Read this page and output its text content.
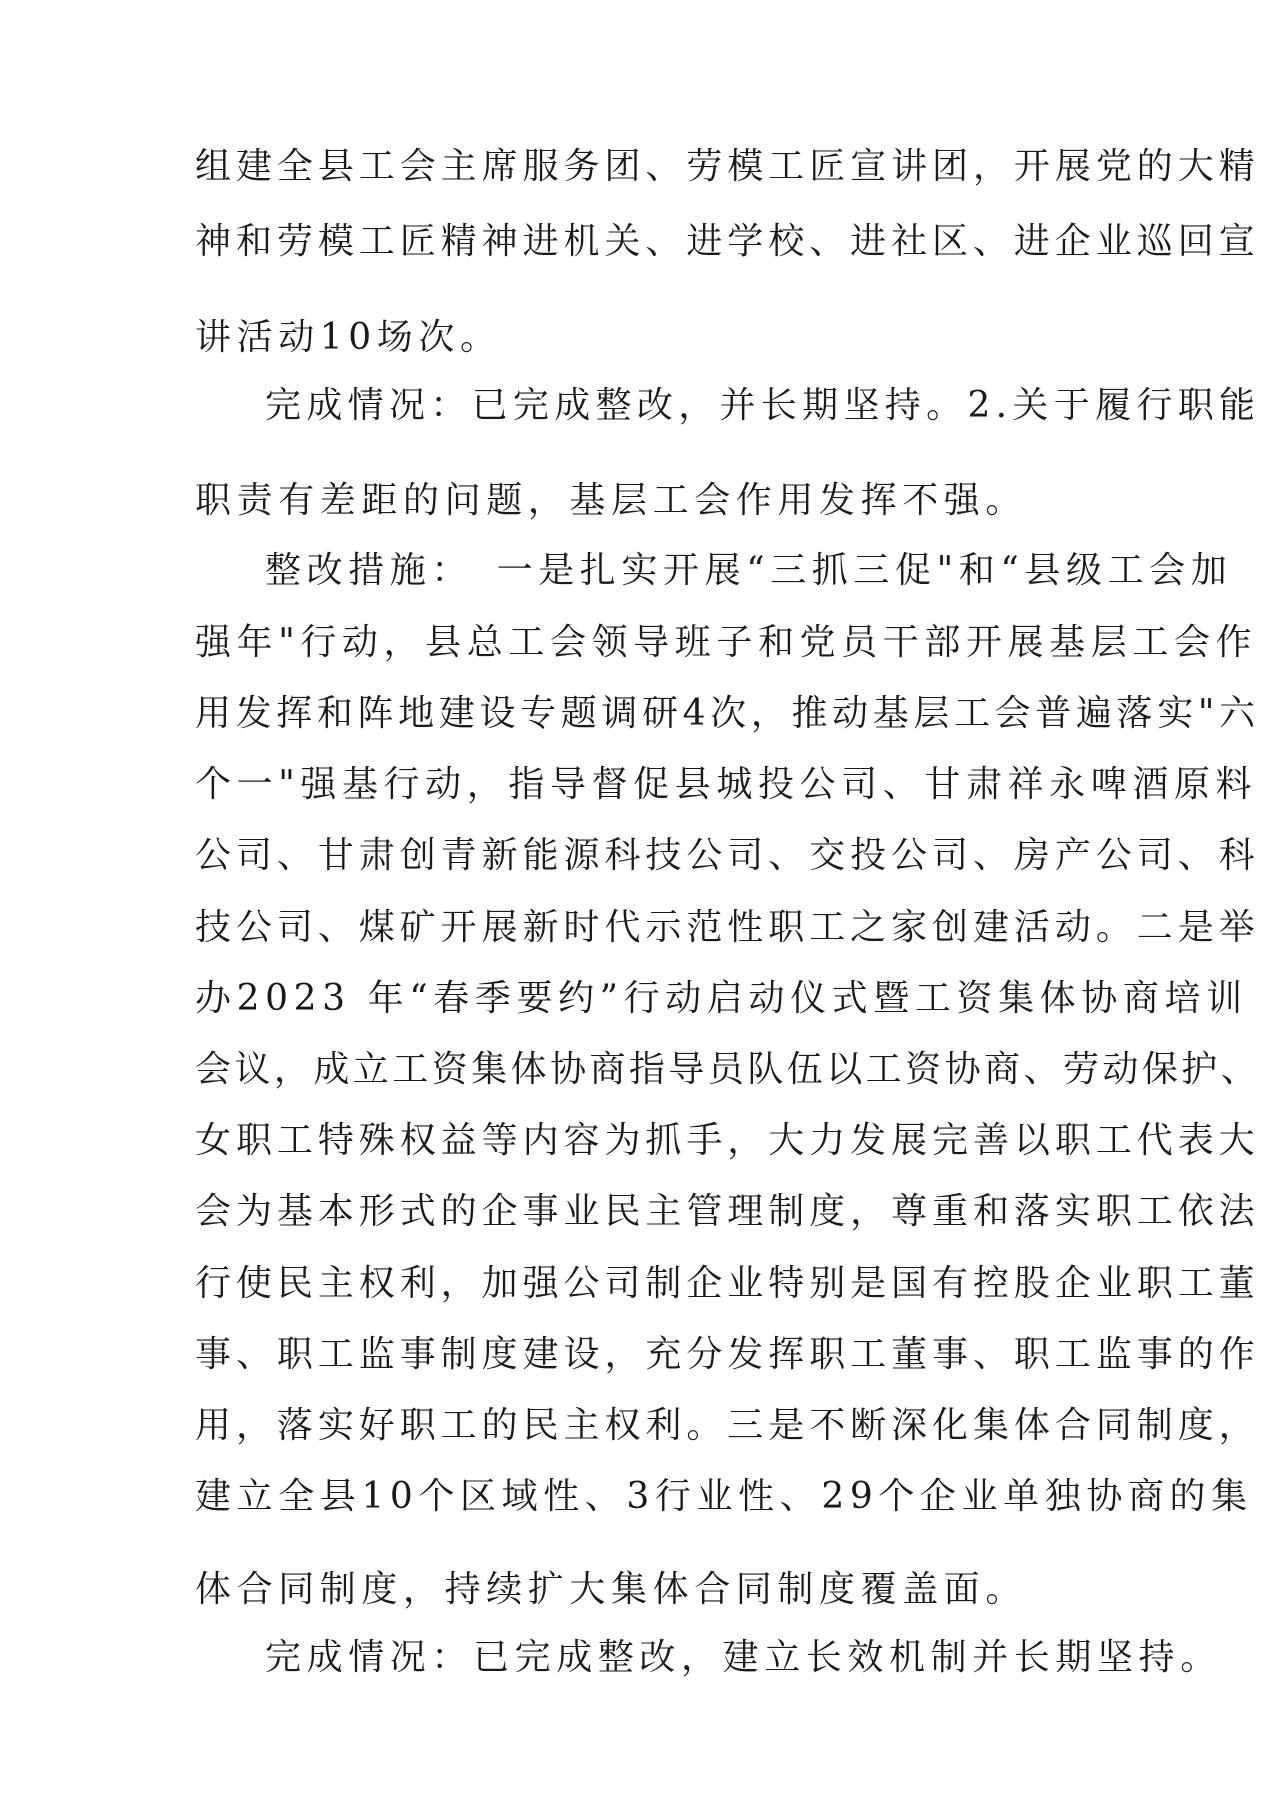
组建全县工会主席服务团、劳模工匠宣讲团，开展党的大精

神和劳模工匠精神进机关、进学校、进社区、进企业巡回宣

讲活动10场次。

完成情况：已完成整改，并长期坚持。2.关于履行职能

职责有差距的问题，基层工会作用发挥不强。

整改措施：　一是扎实开展“三抓三促"和“县级工会加

强年"行动，县总工会领导班子和党员干部开展基层工会作

用发挥和阵地建设专题调研4次，推动基层工会普遍落实"六

个一"强基行动，指导督促县城投公司、甘肃祥永啤酒原料

公司、甘肃创青新能源科技公司、交投公司、房产公司、科

技公司、煤矿开展新时代示范性职工之家创建活动。二是举

办2023 年“春季要约”行动启动仪式暨工资集体协商培训

会议，成立工资集体协商指导员队伍以工资协商、劳动保护、

女职工特殊权益等内容为抓手，大力发展完善以职工代表大

会为基本形式的企事业民主管理制度，尊重和落实职工依法

行使民主权利，加强公司制企业特别是国有控股企业职工董

事、职工监事制度建设，充分发挥职工董事、职工监事的作

用，落实好职工的民主权利。三是不断深化集体合同制度，

建立全县10个区域性、3行业性、29个企业单独协商的集

体合同制度，持续扩大集体合同制度覆盖面。

完成情况：已完成整改，建立长效机制并长期坚持。
